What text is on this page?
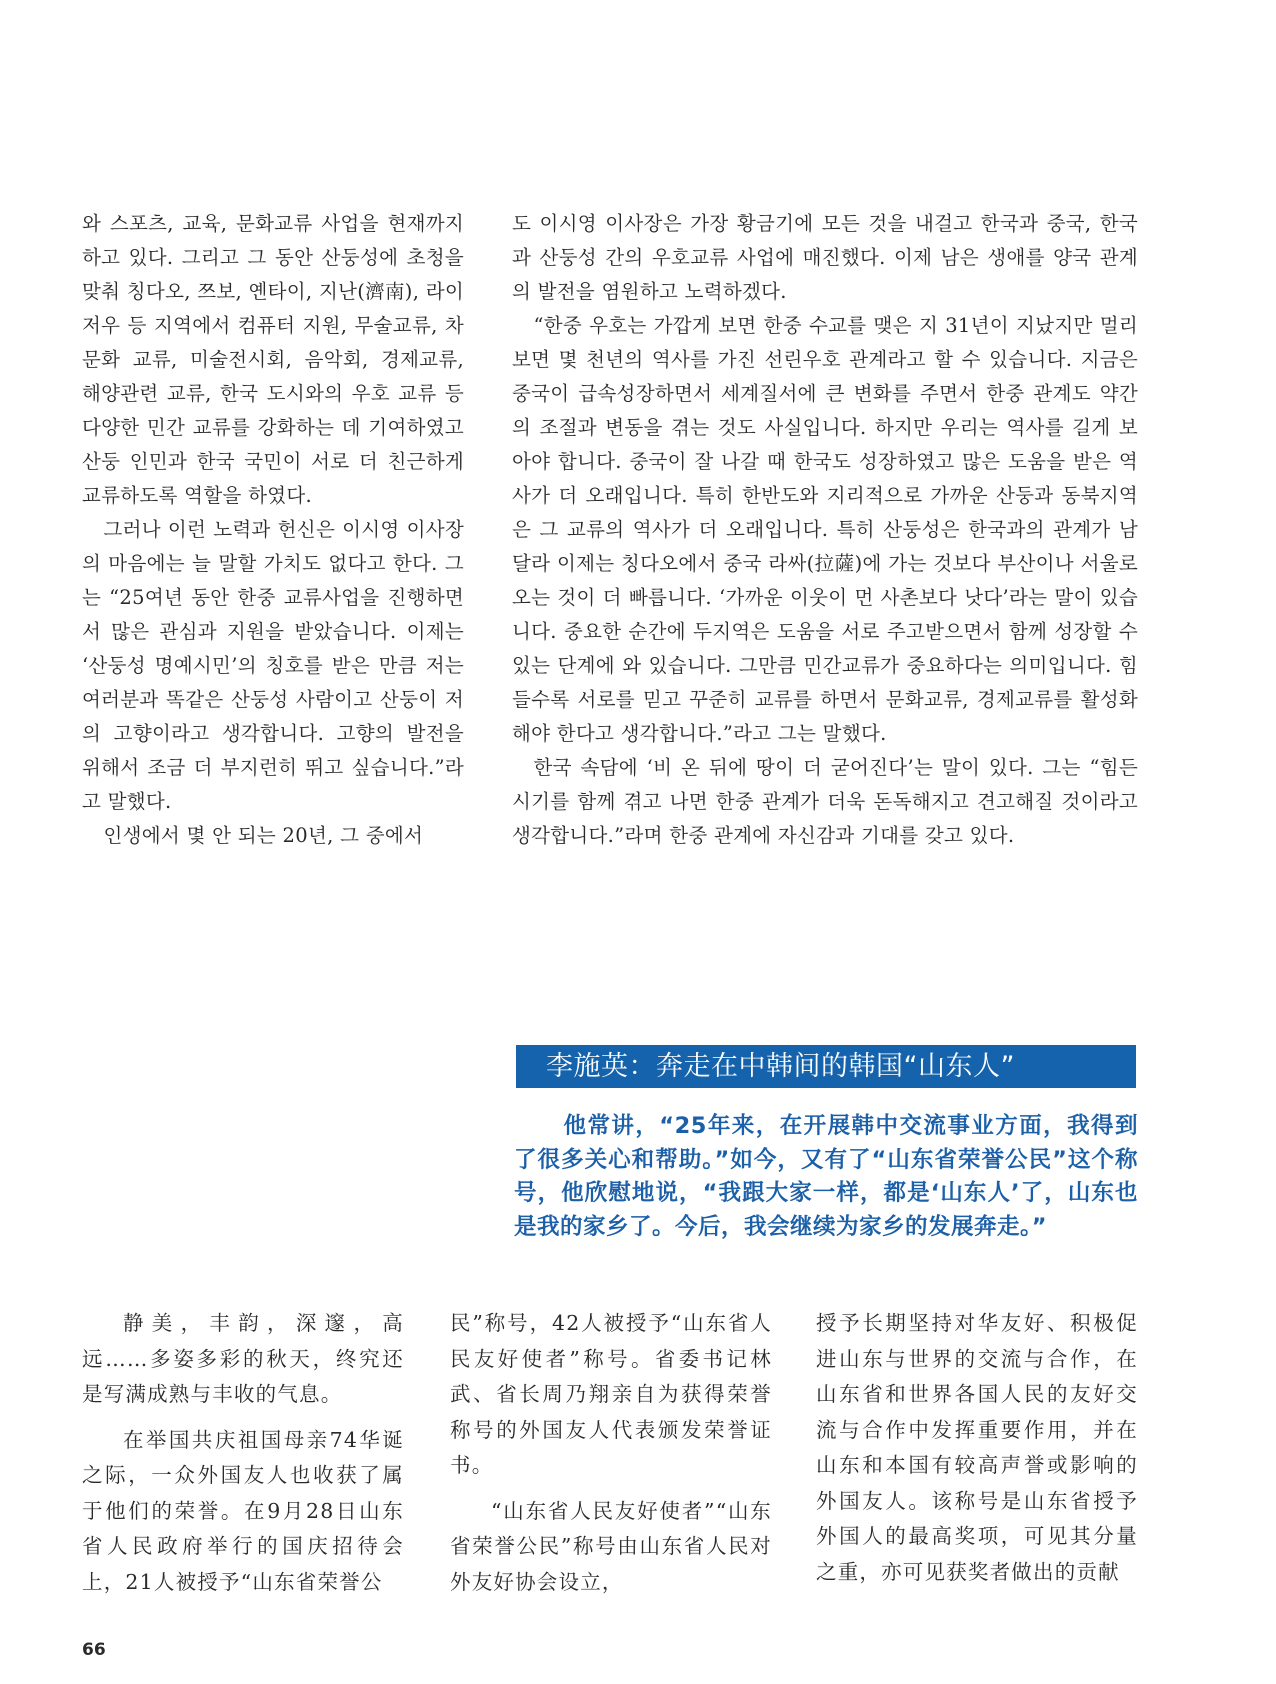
와 스포츠, 교육, 문화교류 사업을 현재까지 하고 있다. 그리고 그 동안 산둥성에 초청을 맞춰 칭다오, 쯔보, 옌타이, 지난(濟南), 라이저우 등 지역에서 컴퓨터 지원, 무술교류, 차문화 교류, 미술전시회, 음악회, 경제교류, 해양관련 교류, 한국 도시와의 우호 교류 등 다양한 민간 교류를 강화하는 데 기여하였고 산둥 인민과 한국 국민이 서로 더 친근하게 교류하도록 역할을 하였다.

그러나 이런 노력과 헌신은 이시영 이사장의 마음에는 늘 말할 가치도 없다고 한다. 그는 “25여년 동안 한중 교류사업을 진행하면서 많은 관심과 지원을 받았습니다. 이제는 ‘산둥성 명예시민’의 칭호를 받은 만큼 저는 여러분과 똑같은 산둥성 사람이고 산둥이 저의 고향이라고 생각합니다. 고향의 발전을 위해서 조금 더 부지런히 뛰고 싶습니다.”라고 말했다.

인생에서 몇 안 되는 20년, 그 중에서

도 이시영 이사장은 가장 황금기에 모든 것을 내걸고 한국과 중국, 한국과 산둥성 간의 우호교류 사업에 매진했다. 이제 남은 생애를 양국 관계의 발전을 염원하고 노력하겠다.

“한중 우호는 가깝게 보면 한중 수교를 맺은 지 31년이 지났지만 멀리 보면 몇 천년의 역사를 가진 선린우호 관계라고 할 수 있습니다. 지금은 중국이 급속성장하면서 세계질서에 큰 변화를 주면서 한중 관계도 약간의 조절과 변동을 겪는 것도 사실입니다. 하지만 우리는 역사를 길게 보아야 합니다. 중국이 잘 나갈 때 한국도 성장하였고 많은 도움을 받은 역사가 더 오래입니다. 특히 한반도와 지리적으로 가까운 산둥과 동북지역은 그 교류의 역사가 더 오래입니다. 특히 산둥성은 한국과의 관계가 남달라 이제는 칭다오에서 중국 라싸(拉薩)에 가는 것보다 부산이나 서울로 오는 것이 더 빠릅니다. ‘가까운 이웃이 먼 사촌보다 낫다’라는 말이 있습니다. 중요한 순간에 두지역은 도움을 서로 주고받으면서 함께 성장할 수 있는 단계에 와 있습니다. 그만큼 민간교류가 중요하다는 의미입니다. 힘들수록 서로를 믿고 꾸준히 교류를 하면서 문화교류, 경제교류를 활성화해야 한다고 생각합니다.”라고 그는 말했다.

한국 속담에 ‘비 온 뒤에 땅이 더 굳어진다’는 말이 있다. 그는 “힘든 시기를 함께 겪고 나면 한중 관계가 더욱 돈독해지고 견고해질 것이라고 생각합니다.”라며 한중 관계에 자신감과 기대를 갖고 있다.

李施英：奔走在中韩间的韩国“山东人”
他常讲，“25年来，在开展韩中交流事业方面，我得到了很多关心和帮助。”如今，又有了“山东省荣誉公民”这个称号，他欣慰地说，“我跟大家一样，都是‘山东人’了，山东也是我的家乡了。今后，我会继续为家乡的发展奔走。”

静美，丰韵，深邃，高远……多姿多彩的秋天，终究还是写满成熟与丰收的气息。

在举国共庆祖国母亲74华诞之际，一众外国友人也收获了属于他们的荣誉。在9月28日山东省人民政府举行的国庆招待会上，21人被授予“山东省荣誉公

民”称号，42人被授予“山东省人民友好使者”称号。省委书记林武、省长周乃翔亲自为获得荣誉称号的外国友人代表颁发荣誉证书。

“山东省人民友好使者”“山东省荣誉公民”称号由山东省人民对外友好协会设立，

授予长期坚持对华友好、积极促进山东与世界的交流与合作，在山东省和世界各国人民的友好交流与合作中发挥重要作用，并在山东和本国有较高声誉或影响的外国友人。该称号是山东省授予外国人的最高奖项，可见其分量之重，亦可见获奖者做出的贡献

66
